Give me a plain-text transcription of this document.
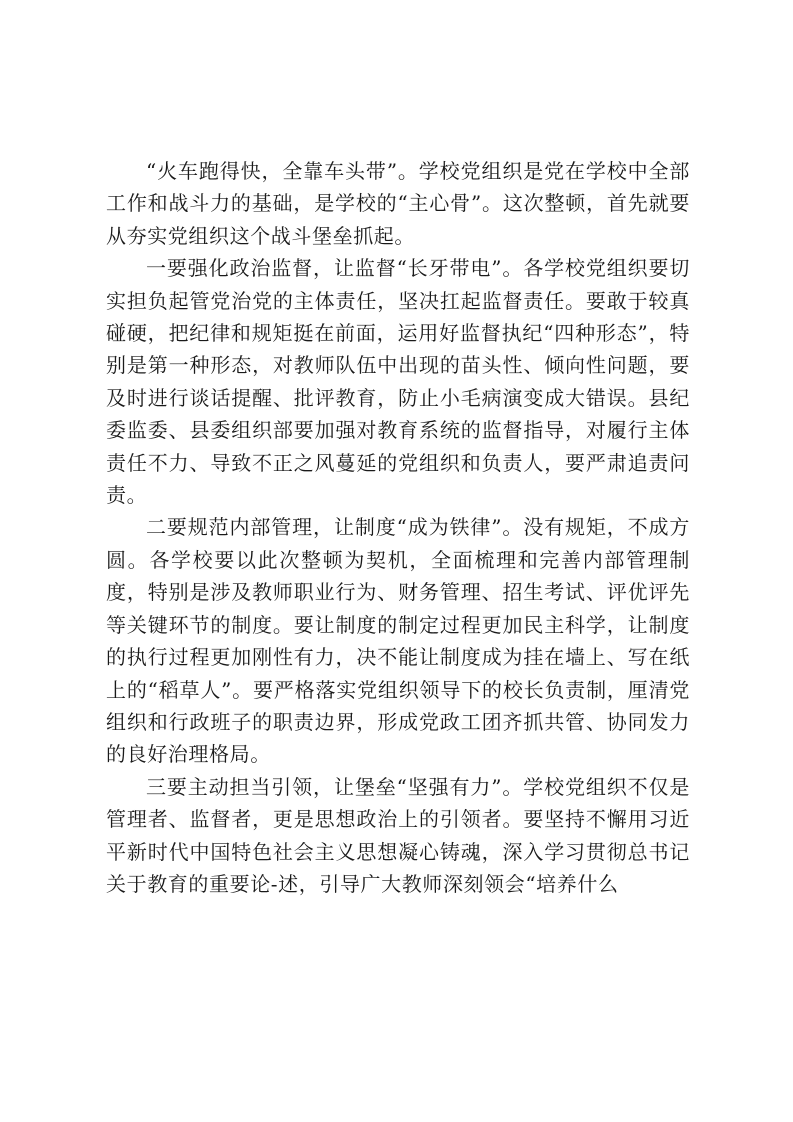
“火车跑得快，全靠车头带”。学校党组织是党在学校中全部工作和战斗力的基础，是学校的“主心骨”。这次整顿，首先就要从夯实党组织这个战斗堡垒抓起。

一要强化政治监督，让监督“长牙带电”。各学校党组织要切实担负起管党治党的主体责任，坚决扛起监督责任。要敢于较真碰硬，把纪律和规矩挺在前面，运用好监督执纪“四种形态”，特别是第一种形态，对教师队伍中出现的苗头性、倾向性问题，要及时进行谈话提醒、批评教育，防止小毛病演变成大错误。县纪委监委、县委组织部要加强对教育系统的监督指导，对履行主体责任不力、导致不正之风蔓延的党组织和负责人，要严肃追责问责。

二要规范内部管理，让制度“成为铁律”。没有规矩，不成方圆。各学校要以此次整顿为契机，全面梳理和完善内部管理制度，特别是涉及教师职业行为、财务管理、招生考试、评优评先等关键环节的制度。要让制度的制定过程更加民主科学，让制度的执行过程更加刚性有力，决不能让制度成为挂在墙上、写在纸上的“稻草人”。要严格落实党组织领导下的校长负责制，厘清党组织和行政班子的职责边界，形成党政工团齐抓共管、协同发力的良好治理格局。

三要主动担当引领，让堡垒“坚强有力”。学校党组织不仅是管理者、监督者，更是思想政治上的引领者。要坚持不懈用习近平新时代中国特色社会主义思想凝心铸魂，深入学习贯彻总书记关于教育的重要论-述，引导广大教师深刻领会“培养什么
